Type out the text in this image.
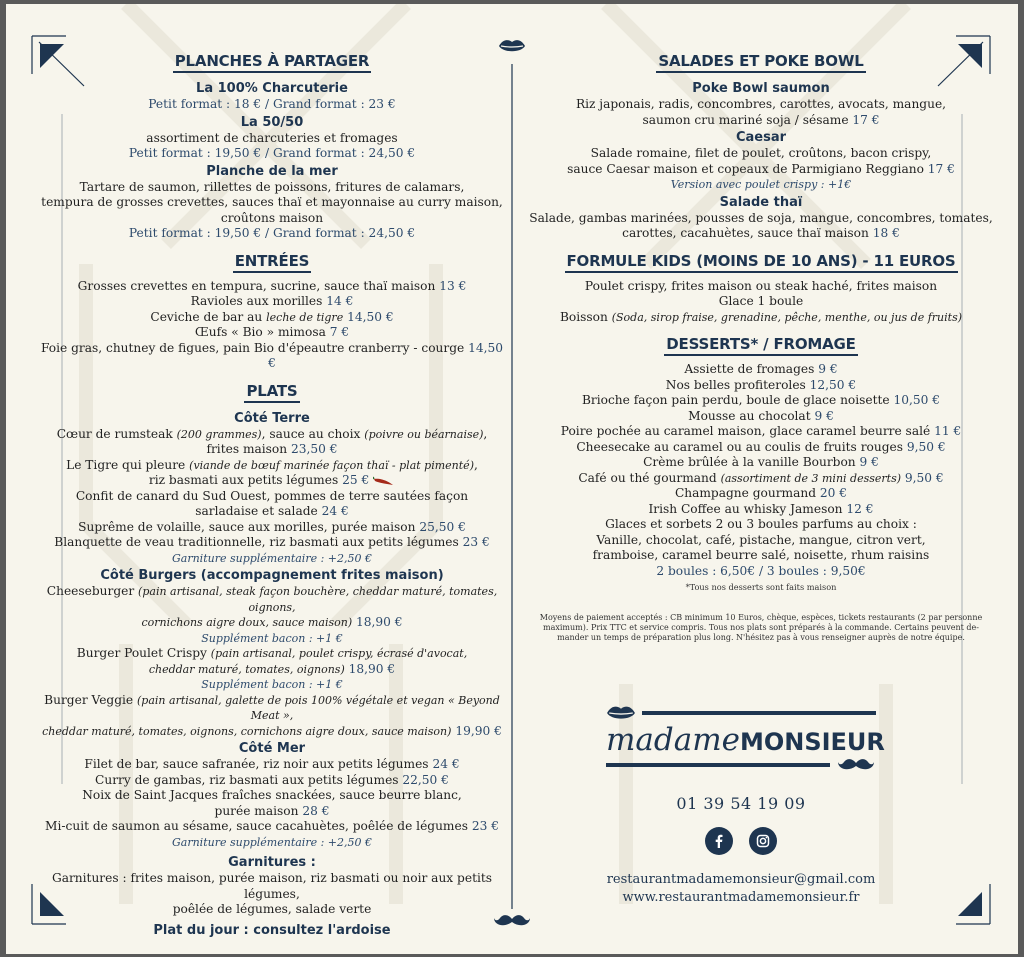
PLANCHES À PARTAGER
La 100% Charcuterie
Petit format : 18 € / Grand format : 23 €
La 50/50
assortiment de charcuteries et fromages
Petit format : 19,50 € / Grand format : 24,50 €
Planche de la mer
Tartare de saumon, rillettes de poissons, fritures de calamars,
tempura de grosses crevettes, sauces thaï et mayonnaise au curry maison,
croûtons maison
Petit format : 19,50 € / Grand format : 24,50 €
ENTRÉES
Grosses crevettes en tempura, sucrine, sauce thaï maison 13 €
Ravioles aux morilles 14 €
Ceviche de bar au leche de tigre 14,50 €
Œufs « Bio » mimosa 7 €
Foie gras, chutney de figues, pain Bio d'épeautre cranberry - courge 14,50 €
PLATS
Côté Terre
Cœur de rumsteak (200 grammes), sauce au choix (poivre ou béarnaise),
frites maison 23,50 €
Le Tigre qui pleure (viande de bœuf marinée façon thaï - plat pimenté),
riz basmati aux petits légumes 25 €
Confit de canard du Sud Ouest, pommes de terre sautées façon
sarladaise et salade 24 €
Suprême de volaille, sauce aux morilles, purée maison 25,50 €
Blanquette de veau traditionnelle, riz basmati aux petits légumes 23 €
Garniture supplémentaire : +2,50 €
Côté Burgers (accompagnement frites maison)
Cheeseburger (pain artisanal, steak façon bouchère, cheddar maturé, tomates, oignons,
cornichons aigre doux, sauce maison) 18,90 €
Supplément bacon : +1 €
Burger Poulet Crispy (pain artisanal, poulet crispy, écrasé d'avocat,
cheddar maturé, tomates, oignons) 18,90 €
Supplément bacon : +1 €
Burger Veggie (pain artisanal, galette de pois 100% végétale et vegan « Beyond Meat »,
cheddar maturé, tomates, oignons, cornichons aigre doux, sauce maison) 19,90 €
Côté Mer
Filet de bar, sauce safranée, riz noir aux petits légumes 24 €
Curry de gambas, riz basmati aux petits légumes 22,50 €
Noix de Saint Jacques fraîches snackées, sauce beurre blanc,
purée maison 28 €
Mi-cuit de saumon au sésame, sauce cacahuètes, poêlée de légumes 23 €
Garniture supplémentaire : +2,50 €
Garnitures :
Garnitures : frites maison, purée maison, riz basmati ou noir aux petits légumes,
poêlée de légumes, salade verte
Plat du jour : consultez l'ardoise
SALADES ET POKE BOWL
Poke Bowl saumon
Riz japonais, radis, concombres, carottes, avocats, mangue,
saumon cru mariné soja / sésame 17 €
Caesar
Salade romaine, filet de poulet, croûtons, bacon crispy,
sauce Caesar maison et copeaux de Parmigiano Reggiano 17 €
Version avec poulet crispy : +1€
Salade thaï
Salade, gambas marinées, pousses de soja, mangue, concombres, tomates,
carottes, cacahuètes, sauce thaï maison 18 €
FORMULE KIDS (MOINS DE 10 ANS) - 11 EUROS
Poulet crispy, frites maison ou steak haché, frites maison
Glace 1 boule
Boisson (Soda, sirop fraise, grenadine, pêche, menthe, ou jus de fruits)
DESSERTS* / FROMAGE
Assiette de fromages 9 €
Nos belles profiteroles 12,50 €
Brioche façon pain perdu, boule de glace noisette 10,50 €
Mousse au chocolat 9 €
Poire pochée au caramel maison, glace caramel beurre salé 11 €
Cheesecake au caramel ou au coulis de fruits rouges 9,50 €
Crème brûlée à la vanille Bourbon 9 €
Café ou thé gourmand (assortiment de 3 mini desserts) 9,50 €
Champagne gourmand 20 €
Irish Coffee au whisky Jameson 12 €
Glaces et sorbets 2 ou 3 boules parfums au choix :
Vanille, chocolat, café, pistache, mangue, citron vert,
framboise, caramel beurre salé, noisette, rhum raisins
2 boules : 6,50€ / 3 boules : 9,50€
*Tous nos desserts sont faits maison
Moyens de paiement acceptés : CB minimum 10 Euros, chèque, espèces, tickets restaurants (2 par personne
maximum). Prix TTC et service compris. Tous nos plats sont préparés à la commande. Certains peuvent de-
mander un temps de préparation plus long. N'hésitez pas à vous renseigner auprès de notre équipe.
madameMONSIEUR
01 39 54 19 09
restaurantmadamemonsieur@gmail.com
www.restaurantmadamemonsieur.fr
